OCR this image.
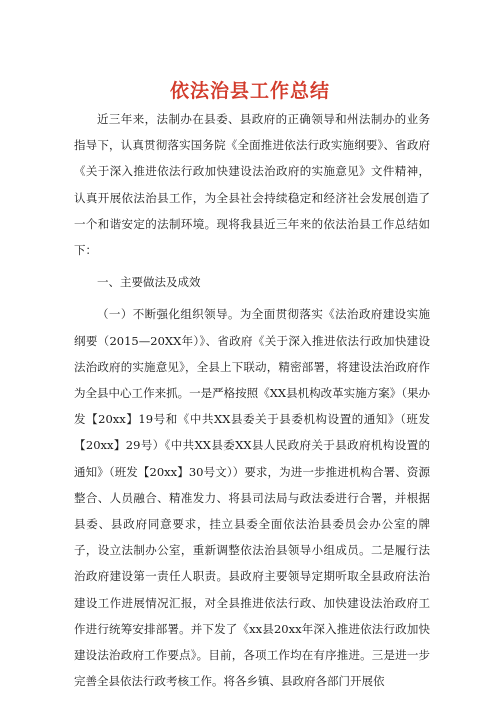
依法治县工作总结

近三年来，法制办在县委、县政府的正确领导和州法制办的业务指导下，认真贯彻落实国务院《全面推进依法行政实施纲要》、省政府《关于深入推进依法行政加快建设法治政府的实施意见》文件精神，认真开展依法治县工作，为全县社会持续稳定和经济社会发展创造了一个和谐安定的法制环境。现将我县近三年来的依法治县工作总结如下：

一、主要做法及成效

（一）不断强化组织领导。为全面贯彻落实《法治政府建设实施纲要（2015—20XX年）》、省政府《关于深入推进依法行政加快建设法治政府的实施意见》，全县上下联动，精密部署，将建设法治政府作为全县中心工作来抓。一是严格按照《XX县机构改革实施方案》（果办发【20xx】19号和《中共XX县委关于县委机构设置的通知》（班发【20xx】29号）《中共XX县委XX县人民政府关于县政府机构设置的通知》（班发【20xx】30号文））要求，为进一步推进机构合署、资源整合、人员融合、精准发力、将县司法局与政法委进行合署，并根据县委、县政府同意要求，挂立县委全面依法治县委员会办公室的牌子，设立法制办公室，重新调整依法治县领导小组成员。二是履行法治政府建设第一责任人职责。县政府主要领导定期听取全县政府法治建设工作进展情况汇报，对全县推进依法行政、加快建设法治政府工作进行统筹安排部署。并下发了《xx县20xx年深入推进依法行政加快建设法治政府工作要点》。目前，各项工作均在有序推进。三是进一步完善全县依法行政考核工作。将各乡镇、县政府各部门开展依
